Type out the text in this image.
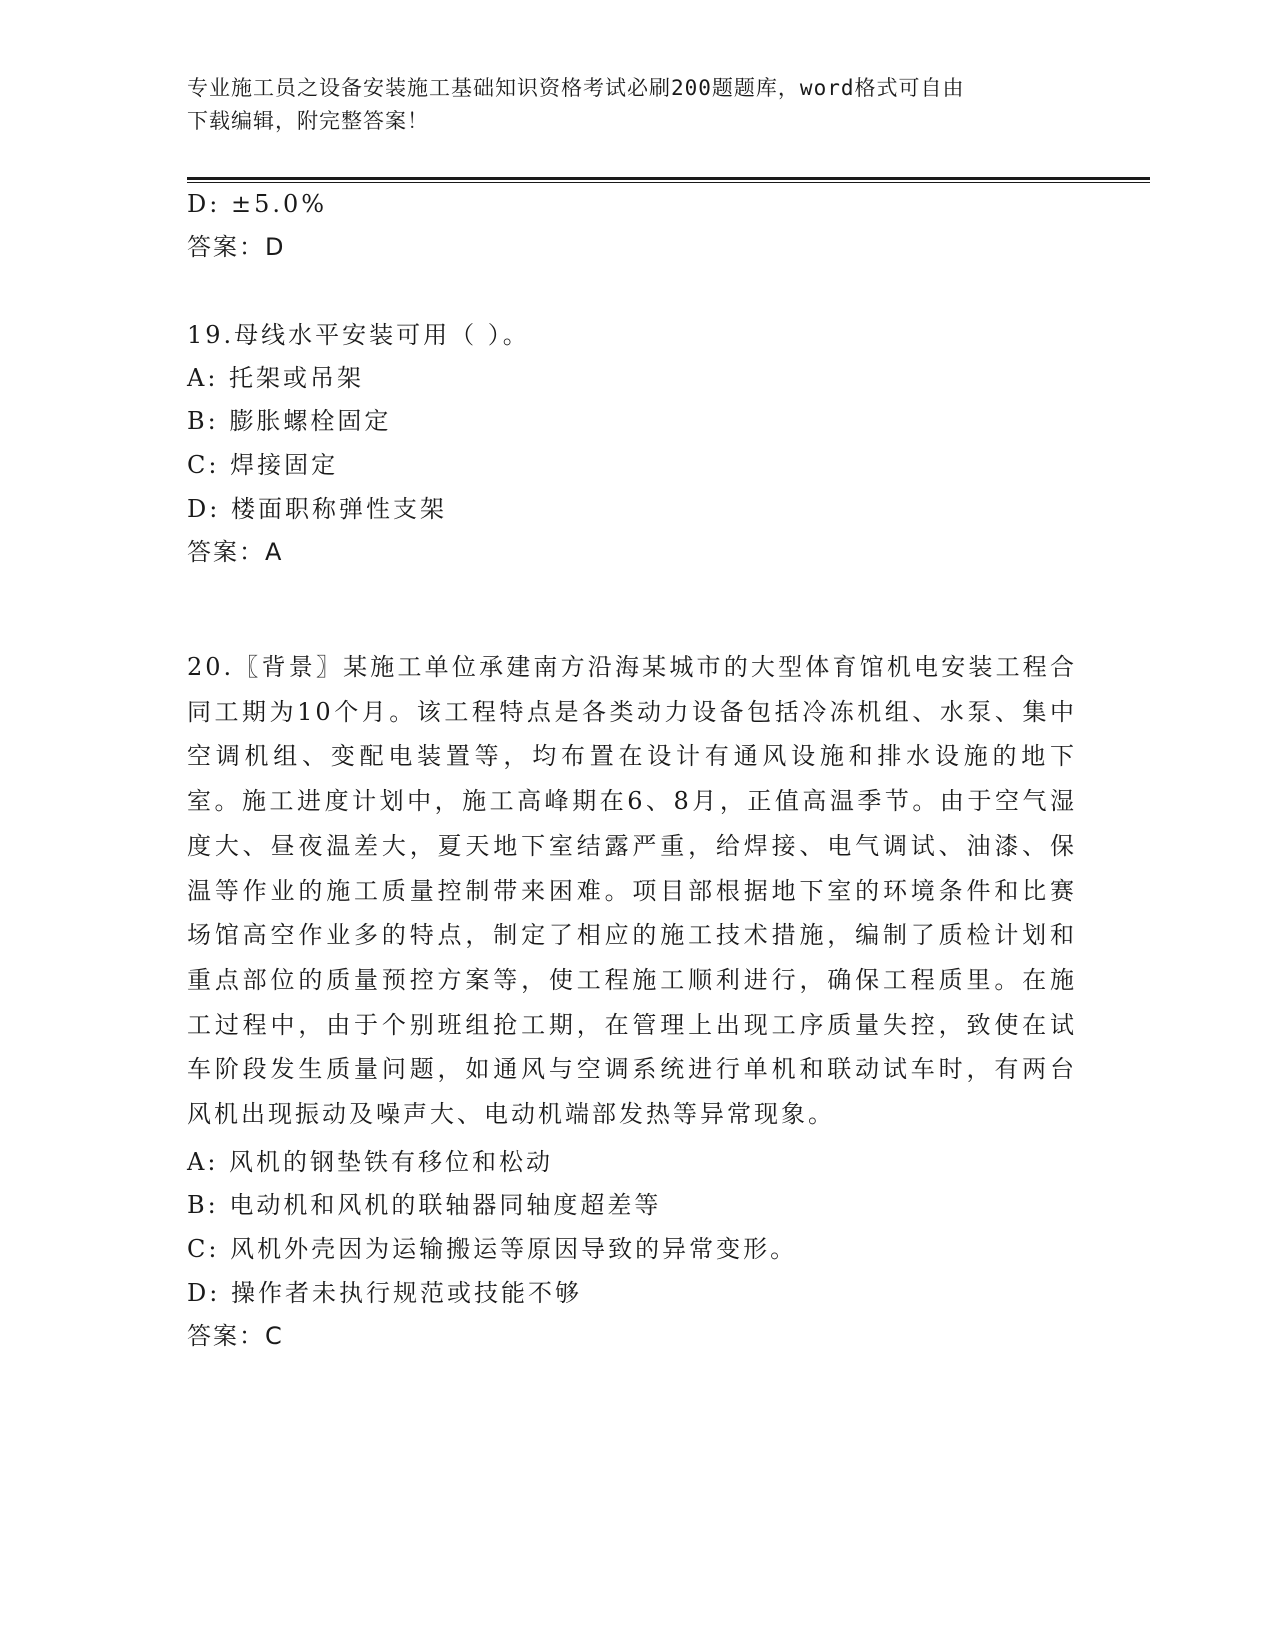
专业施工员之设备安装施工基础知识资格考试必刷200题题库，word格式可自由
下载编辑，附完整答案！
D: ±5.0%
答案：D
19.母线水平安装可用（ ）。
A: 托架或吊架
B: 膨胀螺栓固定
C: 焊接固定
D: 楼面职称弹性支架
答案：A
20.〖背景〗某施工单位承建南方沿海某城市的大型体育馆机电安装工程合同工期为10个月。该工程特点是各类动力设备包括冷冻机组、水泵、集中空调机组、变配电装置等，均布置在设计有通风设施和排水设施的地下室。施工进度计划中，施工高峰期在6、8月，正值高温季节。由于空气湿度大、昼夜温差大，夏天地下室结露严重，给焊接、电气调试、油漆、保温等作业的施工质量控制带来困难。项目部根据地下室的环境条件和比赛场馆高空作业多的特点，制定了相应的施工技术措施，编制了质检计划和重点部位的质量预控方案等，使工程施工顺利进行，确保工程质里。在施工过程中，由于个别班组抢工期，在管理上出现工序质量失控，致使在试车阶段发生质量问题，如通风与空调系统进行单机和联动试车时，有两台风机出现振动及噪声大、电动机端部发热等异常现象。
A: 风机的钢垫铁有移位和松动
B: 电动机和风机的联轴器同轴度超差等
C: 风机外壳因为运输搬运等原因导致的异常变形。
D: 操作者未执行规范或技能不够
答案：C
